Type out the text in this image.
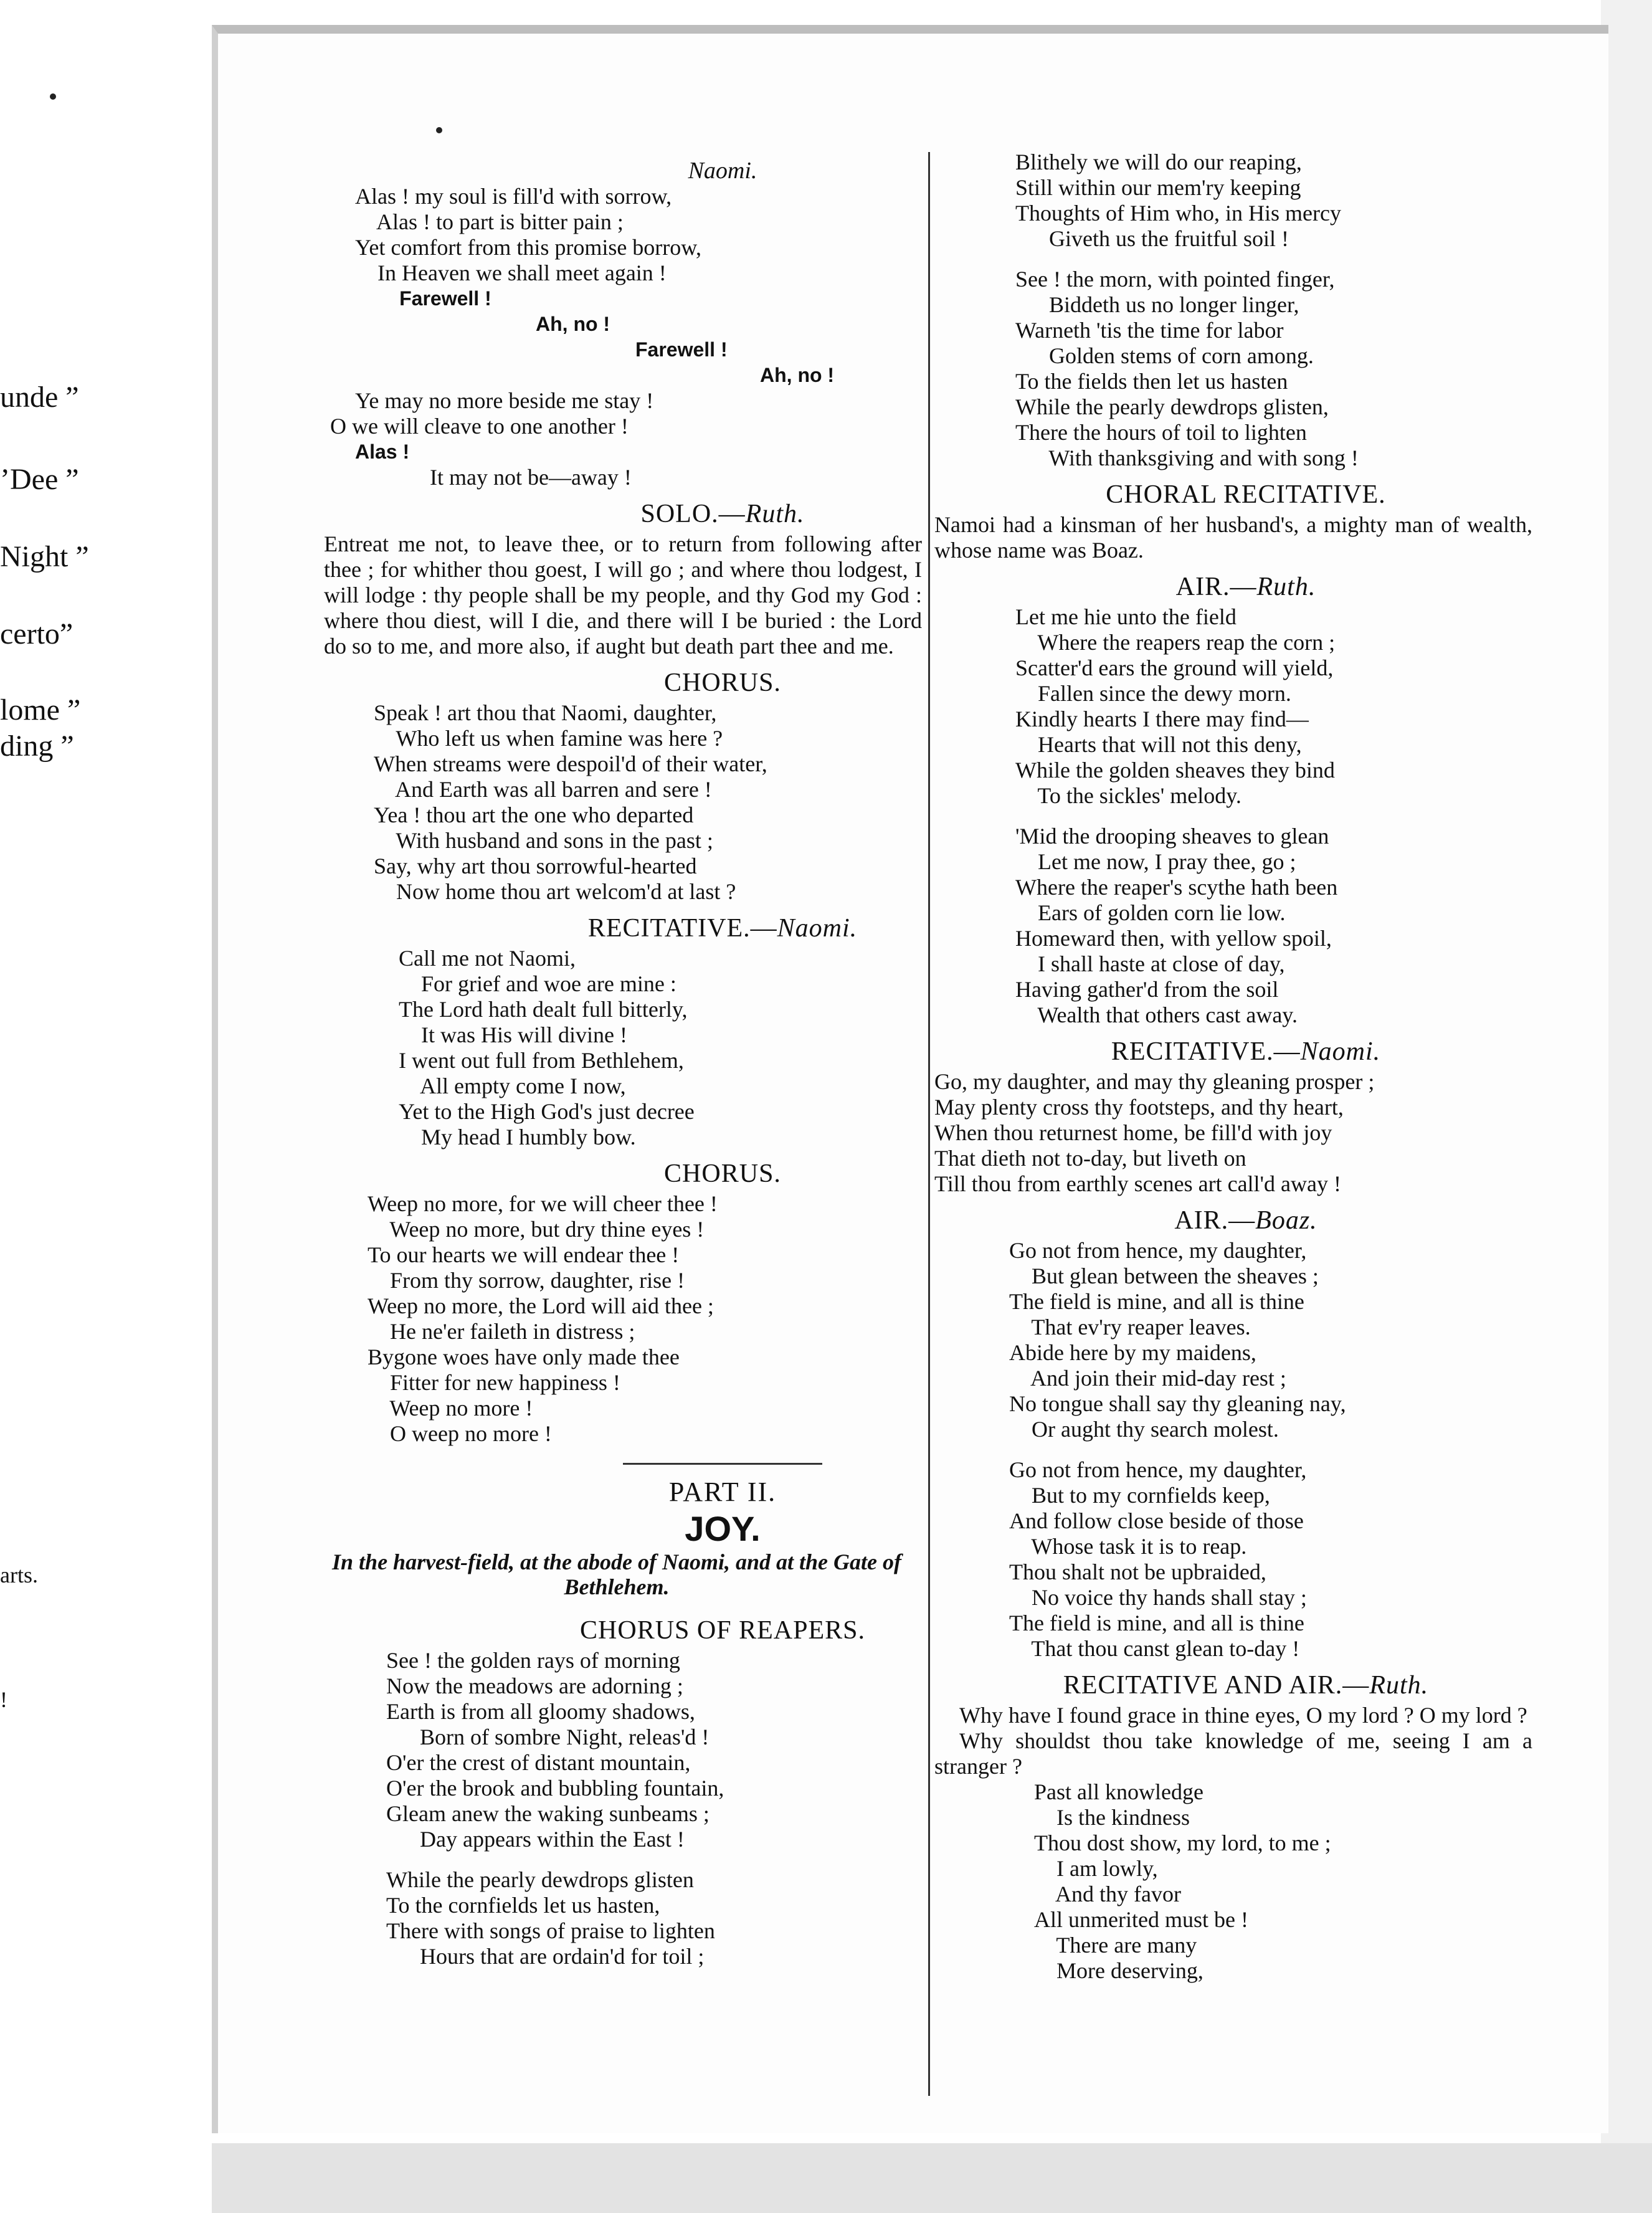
unde ”
’Dee ”
Night ”
certo”
lome ”
ding ”
arts.
!
Naomi.
Alas ! my soul is fill'd with sorrow,
Alas ! to part is bitter pain ;
Yet comfort from this promise borrow,
In Heaven we shall meet again !
Farewell !
Ah, no !
Farewell !
Ah, no !
Ye may no more beside me stay !
O we will cleave to one another !
Alas !
It may not be—away !
SOLO.—Ruth.
Entreat me not, to leave thee, or to return from following after thee ; for whither thou goest, I will go ; and where thou lodgest, I will lodge : thy people shall be my people, and thy God my God : where thou diest, will I die, and there will I be buried : the Lord do so to me, and more also, if aught but death part thee and me.
CHORUS.
Speak ! art thou that Naomi, daughter,
Who left us when famine was here ?
When streams were despoil'd of their water,
And Earth was all barren and sere !
Yea ! thou art the one who departed
With husband and sons in the past ;
Say, why art thou sorrowful-hearted
Now home thou art welcom'd at last ?
RECITATIVE.—Naomi.
Call me not Naomi,
For grief and woe are mine :
The Lord hath dealt full bitterly,
It was His will divine !
I went out full from Bethlehem,
All empty come I now,
Yet to the High God's just decree
My head I humbly bow.
CHORUS.
Weep no more, for we will cheer thee !
Weep no more, but dry thine eyes !
To our hearts we will endear thee !
From thy sorrow, daughter, rise !
Weep no more, the Lord will aid thee ;
He ne'er faileth in distress ;
Bygone woes have only made thee
Fitter for new happiness !
Weep no more !
O weep no more !
PART II.
JOY.
In the harvest-field, at the abode of Naomi, and at the Gate of Bethlehem.
CHORUS OF REAPERS.
See ! the golden rays of morning
Now the meadows are adorning ;
Earth is from all gloomy shadows,
Born of sombre Night, releas'd !
O'er the crest of distant mountain,
O'er the brook and bubbling fountain,
Gleam anew the waking sunbeams ;
Day appears within the East !
While the pearly dewdrops glisten
To the cornfields let us hasten,
There with songs of praise to lighten
Hours that are ordain'd for toil ;
Blithely we will do our reaping,
Still within our mem'ry keeping
Thoughts of Him who, in His mercy
Giveth us the fruitful soil !
See ! the morn, with pointed finger,
Biddeth us no longer linger,
Warneth 'tis the time for labor
Golden stems of corn among.
To the fields then let us hasten
While the pearly dewdrops glisten,
There the hours of toil to lighten
With thanksgiving and with song !
CHORAL RECITATIVE.
Namoi had a kinsman of her husband's, a mighty man of wealth, whose name was Boaz.
AIR.—Ruth.
Let me hie unto the field
Where the reapers reap the corn ;
Scatter'd ears the ground will yield,
Fallen since the dewy morn.
Kindly hearts I there may find—
Hearts that will not this deny,
While the golden sheaves they bind
To the sickles' melody.
'Mid the drooping sheaves to glean
Let me now, I pray thee, go ;
Where the reaper's scythe hath been
Ears of golden corn lie low.
Homeward then, with yellow spoil,
I shall haste at close of day,
Having gather'd from the soil
Wealth that others cast away.
RECITATIVE.—Naomi.
Go, my daughter, and may thy gleaning prosper ;
May plenty cross thy footsteps, and thy heart,
When thou returnest home, be fill'd with joy
That dieth not to-day, but liveth on
Till thou from earthly scenes art call'd away !
AIR.—Boaz.
Go not from hence, my daughter,
But glean between the sheaves ;
The field is mine, and all is thine
That ev'ry reaper leaves.
Abide here by my maidens,
And join their mid-day rest ;
No tongue shall say thy gleaning nay,
Or aught thy search molest.
Go not from hence, my daughter,
But to my cornfields keep,
And follow close beside of those
Whose task it is to reap.
Thou shalt not be upbraided,
No voice thy hands shall stay ;
The field is mine, and all is thine
That thou canst glean to-day !
RECITATIVE AND AIR.—Ruth.
Why have I found grace in thine eyes, O my lord ? O my lord ?
Why shouldst thou take knowledge of me, seeing I am a stranger ?
Past all knowledge
Is the kindness
Thou dost show, my lord, to me ;
I am lowly,
And thy favor
All unmerited must be !
There are many
More deserving,
